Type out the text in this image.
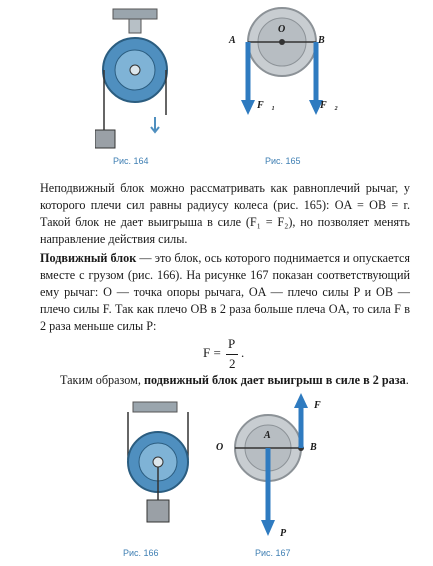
Рис. 164
A
O
B
F⃗₁	F⃗₂
Рис. 165
Неподвижный блок можно рассматривать как равноплечий рычаг, у которого плечи сил равны радиусу колеса (рис. 165): OA = OB = r. Такой блок не дает выигрыша в силе (F₁ = F₂), но позволяет менять направление действия силы.
Подвижный блок — это блок, ось которого поднимается и опускается вместе с грузом (рис. 166). На рисунке 167 показан соответствующий ему рычаг: O — точка опоры рычага, OA — плечо силы P и OB — плечо силы F. Так как плечо OB в 2 раза больше плеча OA, то сила F в 2 раза меньше силы P:
F =
P
2
.
Таким образом, подвижный блок дает выигрыш в силе в 2 раза.
Рис. 166
O
A
B
F⃗
P⃗
Рис. 167
